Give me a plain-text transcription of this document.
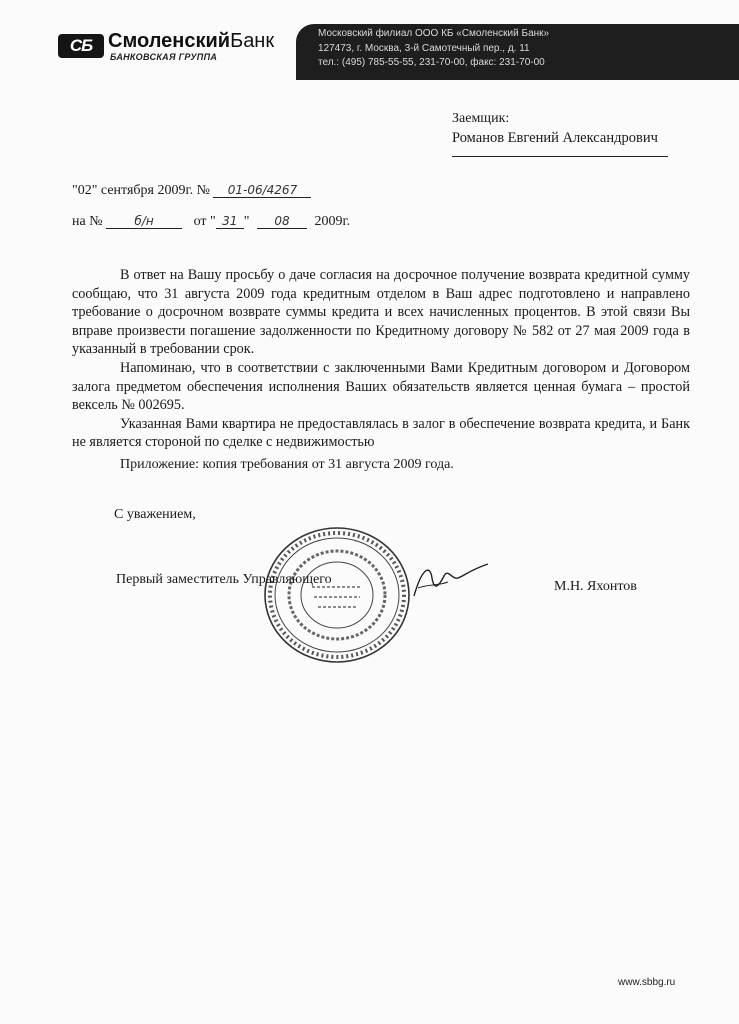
СБ СмоленскийБанк
БАНКОВСКАЯ ГРУППА
Московский филиал ООО КБ «Смоленский Банк»
127473, г. Москва, 3-й Самотечный пер., д. 11
тел.: (495) 785-55-55, 231-70-00, факс: 231-70-00
Заемщик:
Романов Евгений Александрович
"02" сентября 2009г. № 01-06/4267
на №	б/н	от " 31 " 08 2009г.

В ответ на Вашу просьбу о даче согласия на досрочное получение возврата кредитной сумму сообщаю, что 31 августа 2009 года кредитным отделом в Ваш адрес подготовлено и направлено требование о досрочном возврате суммы кредита и всех начисленных процентов. В этой связи Вы вправе произвести погашение задолженности по Кредитному договору № 582 от 27 мая 2009 года в указанный в требовании срок.

Напоминаю, что в соответствии с заключенными Вами Кредитным договором и Договором залога предметом обеспечения исполнения Ваших обязательств является ценная бумага – простой вексель № 002695.

Указанная Вами квартира не предоставлялась в залог в обеспечение возврата кредита, и Банк не является стороной по сделке с недвижимостью

Приложение: копия требования от 31 августа 2009 года.
С уважением,
Первый заместитель Управляющего	М.Н. Яхонтов
www.sbbg.ru
